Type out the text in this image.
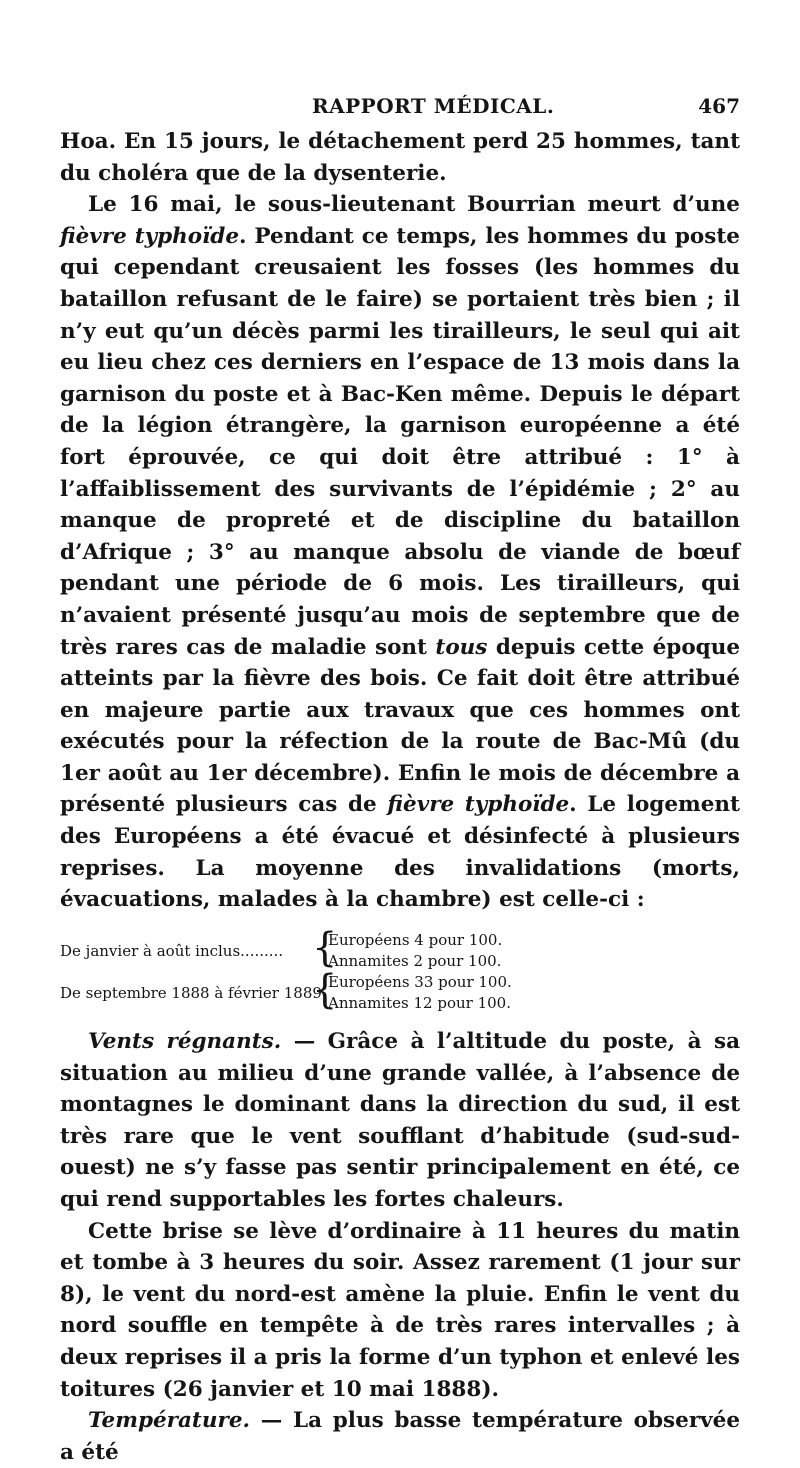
RAPPORT MÉDICAL.	467

Hoa. En 15 jours, le détachement perd 25 hommes, tant du choléra que de la dysenterie.

Le 16 mai, le sous-lieutenant Bourrian meurt d’une fièvre typhoïde. Pendant ce temps, les hommes du poste qui cependant creusaient les fosses (les hommes du bataillon refusant de le faire) se portaient très bien ; il n’y eut qu’un décès parmi les tirailleurs, le seul qui ait eu lieu chez ces derniers en l’espace de 13 mois dans la garnison du poste et à Bac-Ken même. Depuis le départ de la légion étrangère, la garnison européenne a été fort éprouvée, ce qui doit être attribué : 1° à l’affaiblissement des survivants de l’épidémie ; 2° au manque de propreté et de discipline du bataillon d’Afrique ; 3° au manque absolu de viande de bœuf pendant une période de 6 mois. Les tirailleurs, qui n’avaient présenté jusqu’au mois de septembre que de très rares cas de maladie sont tous depuis cette époque atteints par la fièvre des bois. Ce fait doit être attribué en majeure partie aux travaux que ces hommes ont exécutés pour la réfection de la route de Bac-Mû (du 1er août au 1er décembre). Enfin le mois de décembre a présenté plusieurs cas de fièvre typhoïde. Le logement des Européens a été évacué et désinfecté à plusieurs reprises. La moyenne des invalidations (morts, évacuations, malades à la chambre) est celle-ci :

De janvier à août inclus......... {
Européens 4 pour 100.
Annamites 2 pour 100.
De septembre 1888 à février 1889
{
Européens 33 pour 100.
Annamites 12 pour 100.

Vents régnants. — Grâce à l’altitude du poste, à sa situation au milieu d’une grande vallée, à l’absence de montagnes le dominant dans la direction du sud, il est très rare que le vent soufflant d’habitude (sud-sud-ouest) ne s’y fasse pas sentir principalement en été, ce qui rend supportables les fortes chaleurs.

Cette brise se lève d’ordinaire à 11 heures du matin et tombe à 3 heures du soir. Assez rarement (1 jour sur 8), le vent du nord-est amène la pluie. Enfin le vent du nord souffle en tempête à de très rares intervalles ; à deux reprises il a pris la forme d’un typhon et enlevé les toitures (26 janvier et 10 mai 1888).

Température. — La plus basse température observée a été
